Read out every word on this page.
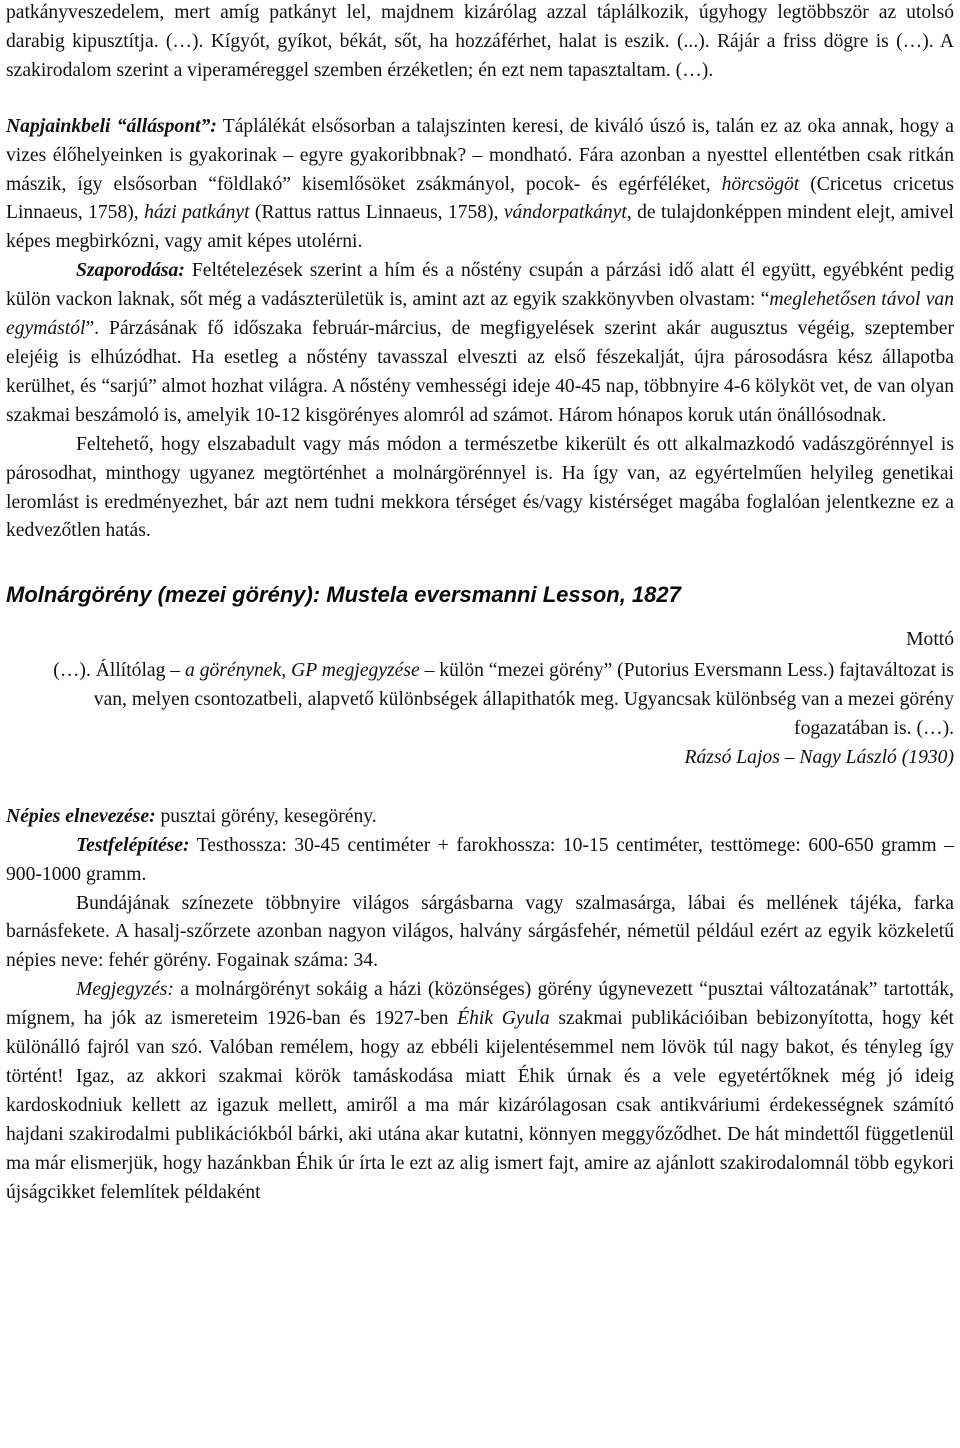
patkányveszedelem, mert amíg patkányt lel, majdnem kizárólag azzal táplálkozik, úgyhogy legtöbbször az utolsó darabig kipusztítja. (…). Kígyót, gyíkot, békát, sőt, ha hozzáférhet, halat is eszik. (...). Rájár a friss dögre is (…). A szakirodalom szerint a viperaméreggel szemben érzéketlen; én ezt nem tapasztaltam. (…).

Napjainkbeli “álláspont”: Táplálékát elsősorban a talajszinten keresi, de kiváló úszó is, talán ez az oka annak, hogy a vizes élőhelyeinken is gyakorinak – egyre gyakoribbnak? – mondható. Fára azonban a nyesttel ellentétben csak ritkán mászik, így elsősorban “földlakó” kisemlősöket zsákmányol, pocok- és egérféléket, hörcsögöt (Cricetus cricetus Linnaeus, 1758), házi patkányt (Rattus rattus Linnaeus, 1758), vándorpatkányt, de tulajdonképpen mindent elejt, amivel képes megbirkózni, vagy amit képes utolérni.

Szaporodása: Feltételezések szerint a hím és a nőstény csupán a párzási idő alatt él együtt, egyébként pedig külön vackon laknak, sőt még a vadászterületük is, amint azt az egyik szakkönyvben olvastam: “meglehetősen távol van egymástól”. Párzásának fő időszaka február-március, de megfigyelések szerint akár augusztus végéig, szeptember elejéig is elhúzódhat. Ha esetleg a nőstény tavasszal elveszti az első fészekalját, újra párosodásra kész állapotba kerülhet, és “sarjú” almot hozhat világra. A nőstény vemhességi ideje 40-45 nap, többnyire 4-6 kölyköt vet, de van olyan szakmai beszámoló is, amelyik 10-12 kisgörényes alomról ad számot. Három hónapos koruk után önállósodnak.

Feltehető, hogy elszabadult vagy más módon a természetbe kikerült és ott alkalmazkodó vadászgörénnyel is párosodhat, minthogy ugyanez megtörténhet a molnárgörénnyel is. Ha így van, az egyértelműen helyileg genetikai leromlást is eredményezhet, bár azt nem tudni mekkora térséget és/vagy kistérséget magába foglalóan jelentkezne ez a kedvezőtlen hatás.

Molnárgörény (mezei görény): Mustela eversmanni Lesson, 1827
Mottó
(…). Állítólag – a görénynek, GP megjegyzése – külön “mezei görény” (Putorius Eversmann Less.) fajtaváltozat is van, melyen csontozatbeli, alapvető különbségek állapithatók meg. Ugyancsak különbség van a mezei görény fogazatában is. (…).
Rázsó Lajos – Nagy László (1930)

Népies elnevezése: pusztai görény, kesegörény.

Testfelépítése: Testhossza: 30-45 centiméter + farokhossza: 10-15 centiméter, testtömege: 600-650 gramm – 900-1000 gramm.

Bundájának színezete többnyire világos sárgásbarna vagy szalmasárga, lábai és mellének tájéka, farka barnásfekete. A hasalj-szőrzete azonban nagyon világos, halvány sárgásfehér, németül például ezért az egyik közkeletű népies neve: fehér görény. Fogainak száma: 34.

Megjegyzés: a molnárgörényt sokáig a házi (közönséges) görény úgynevezett “pusztai változatának” tartották, mígnem, ha jók az ismereteim 1926-ban és 1927-ben Éhik Gyula szakmai publikációiban bebizonyította, hogy két különálló fajról van szó. Valóban remélem, hogy az ebbéli kijelentésemmel nem lövök túl nagy bakot, és tényleg így történt! Igaz, az akkori szakmai körök tamáskodása miatt Éhik úrnak és a vele egyetértőknek még jó ideig kardoskodniuk kellett az igazuk mellett, amiről a ma már kizárólagosan csak antikváriumi érdekességnek számító hajdani szakirodalmi publikációkból bárki, aki utána akar kutatni, könnyen meggyőződhet. De hát mindettől függetlenül ma már elismerjük, hogy hazánkban Éhik úr írta le ezt az alig ismert fajt, amire az ajánlott szakirodalomnál több egykori újságcikket felemlítek példaként
